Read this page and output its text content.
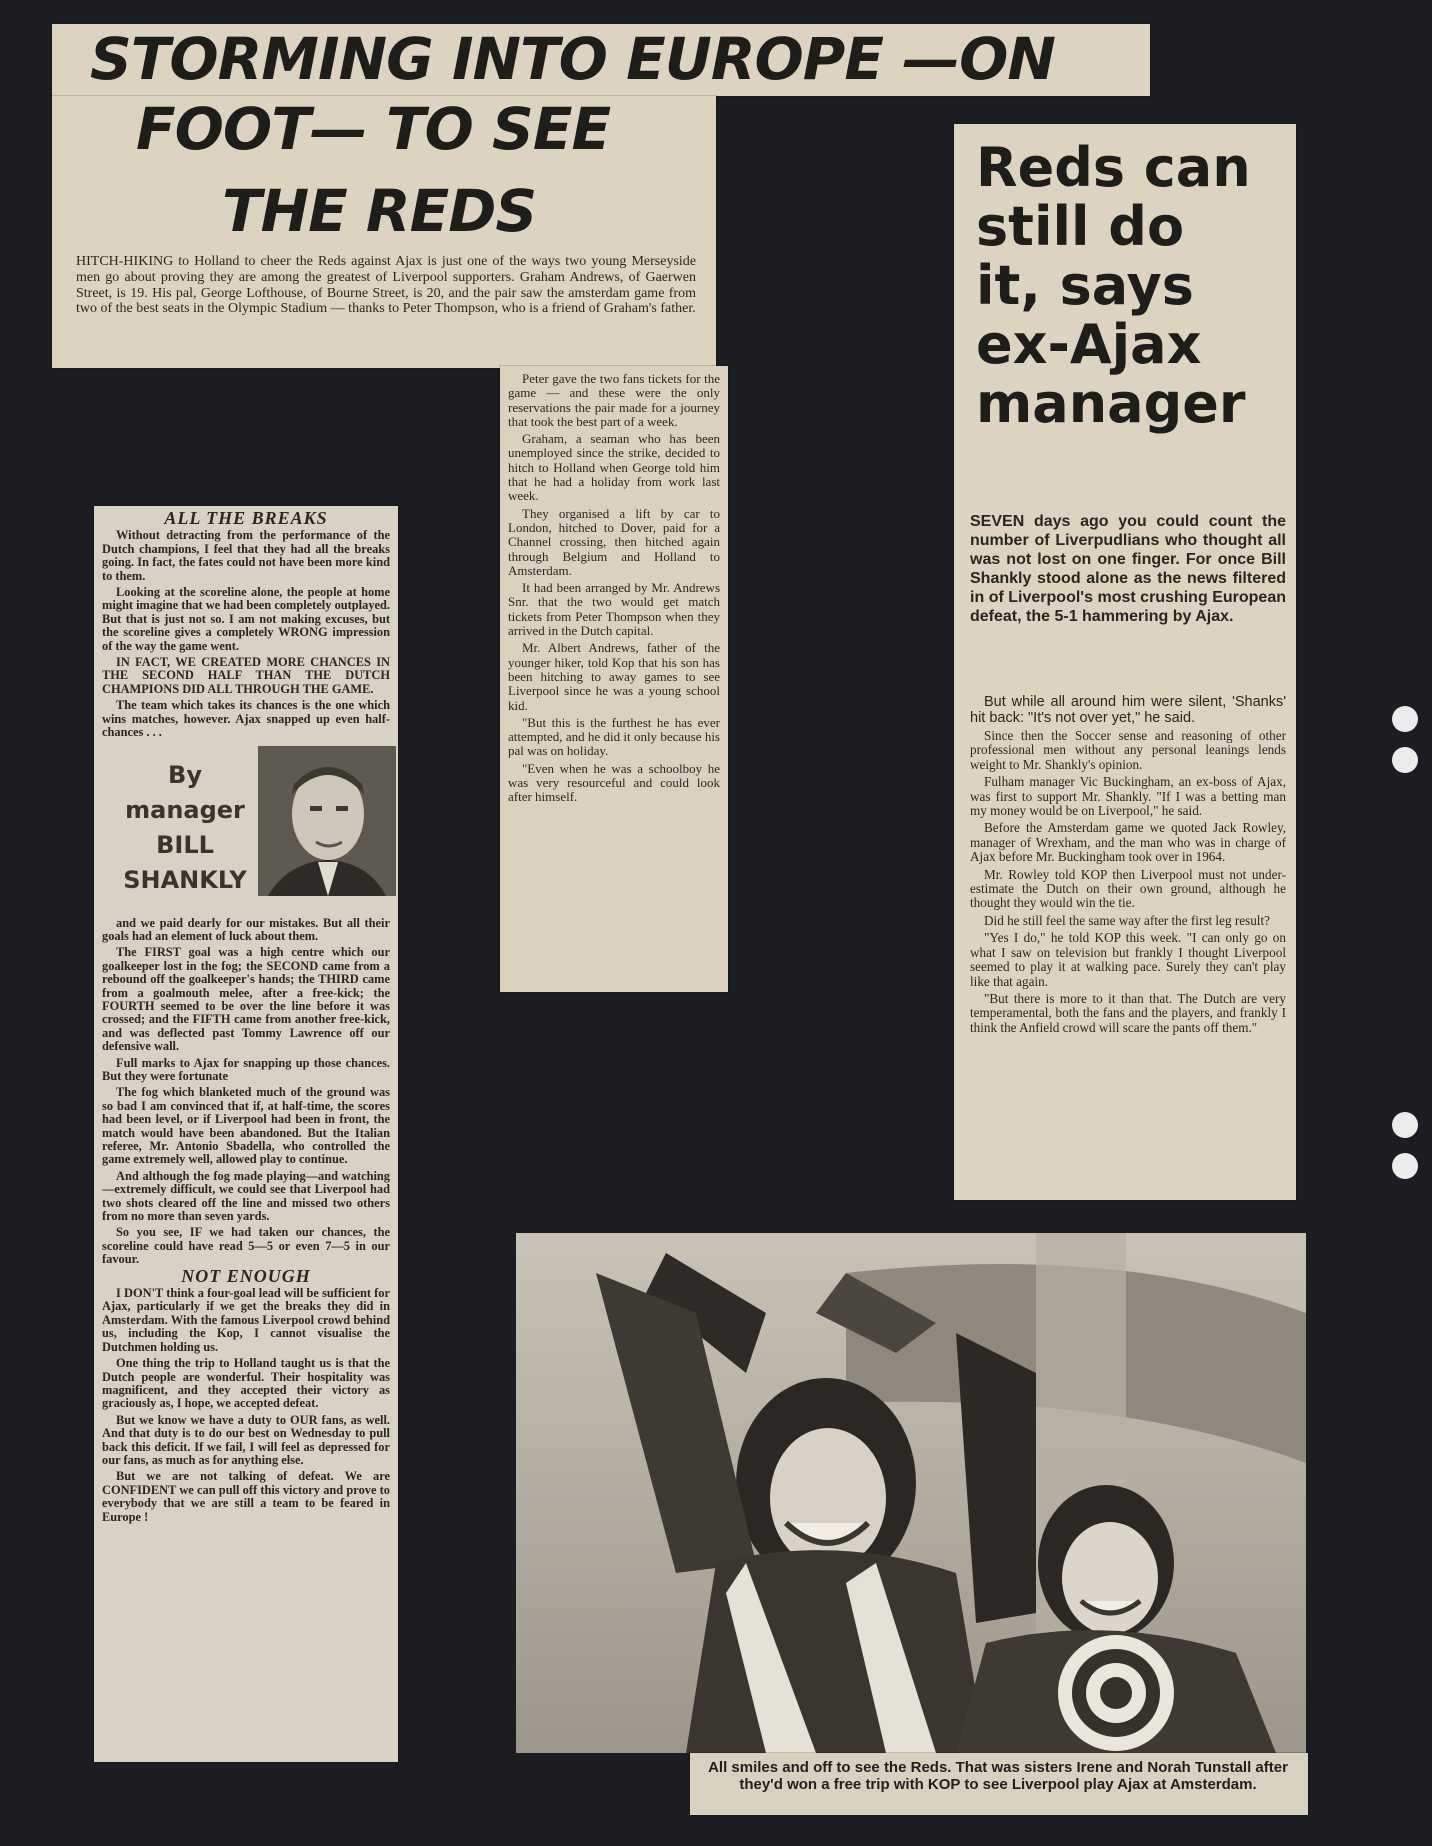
STORMING INTO EUROPE —ON
FOOT— TO SEE
THE REDS
HITCH-HIKING to Holland to cheer the Reds against Ajax is just one of the ways two young Merseyside men go about proving they are among the greatest of Liverpool supporters. Graham Andrews, of Gaerwen Street, is 19. His pal, George Lofthouse, of Bourne Street, is 20, and the pair saw the amsterdam game from two of the best seats in the Olympic Stadium — thanks to Peter Thompson, who is a friend of Graham's father.

Peter gave the two fans tickets for the game — and these were the only reservations the pair made for a journey that took the best part of a week.

Graham, a seaman who has been unemployed since the strike, decided to hitch to Holland when George told him that he had a holiday from work last week.

They organised a lift by car to London, hitched to Dover, paid for a Channel crossing, then hitched again through Belgium and Holland to Amsterdam.

It had been arranged by Mr. Andrews Snr. that the two would get match tickets from Peter Thompson when they arrived in the Dutch capital.

Mr. Albert Andrews, father of the younger hiker, told Kop that his son has been hitching to away games to see Liverpool since he was a young school kid.

"But this is the furthest he has ever attempted, and he did it only because his pal was on holiday.

"Even when he was a schoolboy he was very resourceful and could look after himself.

ALL THE BREAKS

Without detracting from the performance of the Dutch champions, I feel that they had all the breaks going. In fact, the fates could not have been more kind to them.

Looking at the scoreline alone, the people at home might imagine that we had been completely outplayed. But that is just not so. I am not making excuses, but the scoreline gives a completely WRONG impression of the way the game went.

IN FACT, WE CREATED MORE CHANCES IN THE SECOND HALF THAN THE DUTCH CHAMPIONS DID ALL THROUGH THE GAME.

The team which takes its chances is the one which wins matches, however. Ajax snapped up even half-chances . . .

By
manager
BILL
SHANKLY

and we paid dearly for our mistakes. But all their goals had an element of luck about them.

The FIRST goal was a high centre which our goalkeeper lost in the fog; the SECOND came from a rebound off the goalkeeper's hands; the THIRD came from a goalmouth melee, after a free-kick; the FOURTH seemed to be over the line before it was crossed; and the FIFTH came from another free-kick, and was deflected past Tommy Lawrence off our defensive wall.

Full marks to Ajax for snapping up those chances. But they were fortunate

The fog which blanketed much of the ground was so bad I am convinced that if, at half-time, the scores had been level, or if Liverpool had been in front, the match would have been abandoned. But the Italian referee, Mr. Antonio Sbadella, who controlled the game extremely well, allowed play to continue.

And although the fog made playing—and watching—extremely difficult, we could see that Liverpool had two shots cleared off the line and missed two others from no more than seven yards.

So you see, IF we had taken our chances, the scoreline could have read 5—5 or even 7—5 in our favour.

NOT ENOUGH

I DON'T think a four-goal lead will be sufficient for Ajax, particularly if we get the breaks they did in Amsterdam. With the famous Liverpool crowd behind us, including the Kop, I cannot visualise the Dutchmen holding us.

One thing the trip to Holland taught us is that the Dutch people are wonderful. Their hospitality was magnificent, and they accepted their victory as graciously as, I hope, we accepted defeat.

But we know we have a duty to OUR fans, as well. And that duty is to do our best on Wednesday to pull back this deficit. If we fail, I will feel as depressed for our fans, as much as for anything else.

But we are not talking of defeat. We are CONFIDENT we can pull off this victory and prove to everybody that we are still a team to be feared in Europe !

Reds can
still do
it, says
ex-Ajax
manager
SEVEN days ago you could count the number of Liverpudlians who thought all was not lost on one finger. For once Bill Shankly stood alone as the news filtered in of Liverpool's most crushing European defeat, the 5-1 hammering by Ajax.

But while all around him were silent, 'Shanks' hit back: "It's not over yet," he said.

Since then the Soccer sense and reasoning of other professional men without any personal leanings lends weight to Mr. Shankly's opinion.

Fulham manager Vic Buckingham, an ex-boss of Ajax, was first to support Mr. Shankly. "If I was a betting man my money would be on Liverpool," he said.

Before the Amsterdam game we quoted Jack Rowley, manager of Wrexham, and the man who was in charge of Ajax before Mr. Buckingham took over in 1964.

Mr. Rowley told KOP then Liverpool must not under-estimate the Dutch on their own ground, although he thought they would win the tie.

Did he still feel the same way after the first leg result?

"Yes I do," he told KOP this week. "I can only go on what I saw on television but frankly I thought Liverpool seemed to play it at walking pace. Surely they can't play like that again.

"But there is more to it than that. The Dutch are very temperamental, both the fans and the players, and frankly I think the Anfield crowd will scare the pants off them."

All smiles and off to see the Reds. That was sisters Irene and Norah Tunstall after they'd won a free trip with KOP to see Liverpool play Ajax at Amsterdam.
